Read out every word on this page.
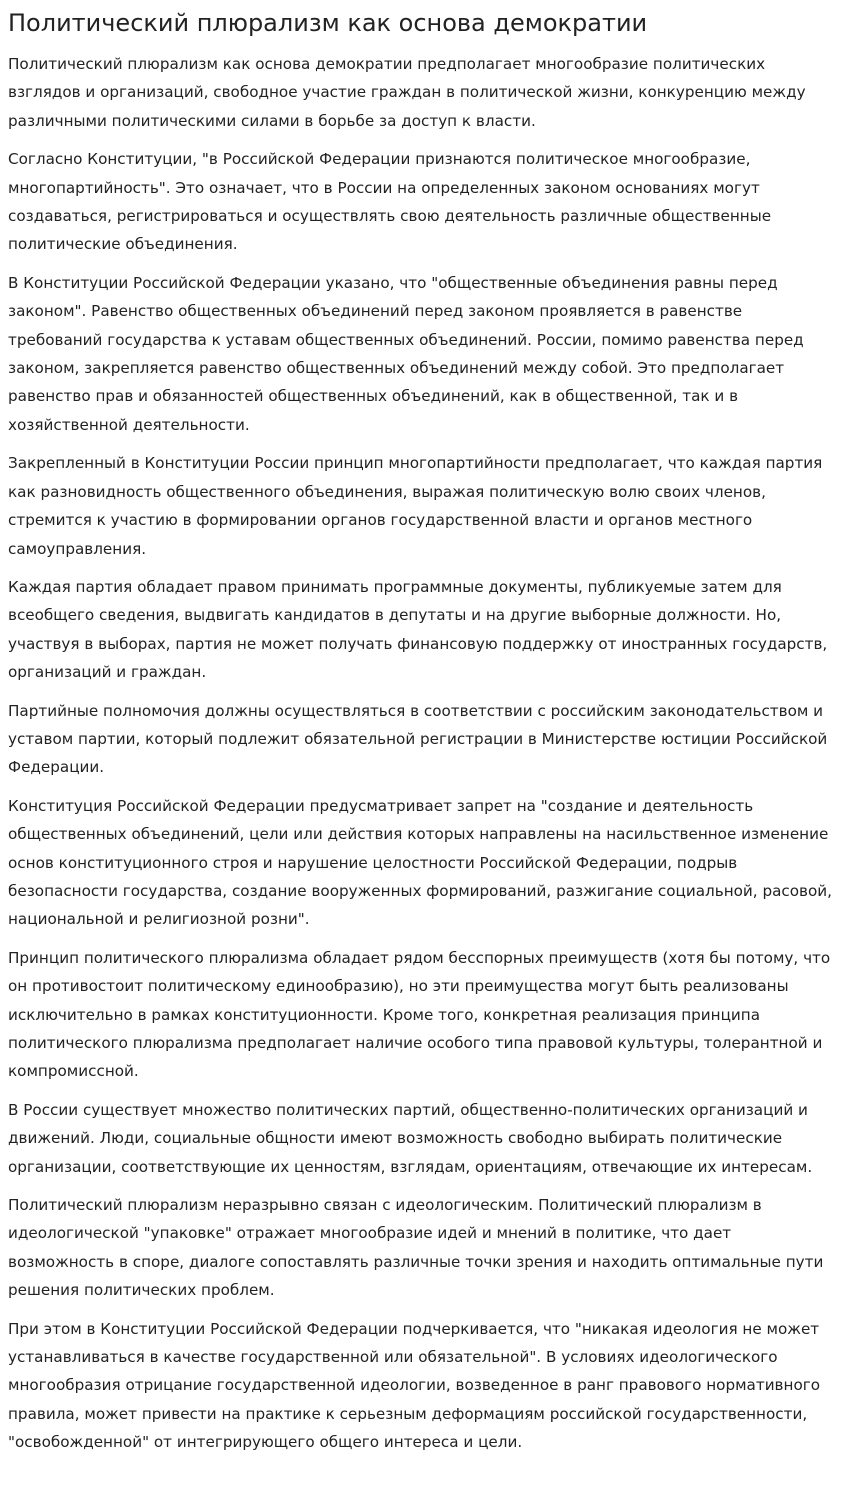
Политический плюрализм как основа демократии

Политический плюрализм как основа демократии предполагает многообразие политических взглядов и организаций, свободное участие граждан в политической жизни, конкуренцию между различными политическими силами в борьбе за доступ к власти.

Согласно Конституции, "в Российской Федерации признаются политическое многообразие, многопартийность". Это означает, что в России на определенных законом основаниях могут создаваться, регистрироваться и осуществлять свою деятельность различные общественные политические объединения.

В Конституции Российской Федерации указано, что "общественные объединения равны перед законом". Равенство общественных объединений перед законом проявляется в равенстве требований государства к уставам общественных объединений. России, помимо равенства перед законом, закрепляется равенство общественных объединений между собой. Это предполагает равенство прав и обязанностей общественных объединений, как в общественной, так и в хозяйственной деятельности.

Закрепленный в Конституции России принцип многопартийности предполагает, что каждая партия как разновидность общественного объединения, выражая политическую волю своих членов, стремится к участию в формировании органов государственной власти и органов местного самоуправления.

Каждая партия обладает правом принимать программные документы, публикуемые затем для всеобщего сведения, выдвигать кандидатов в депутаты и на другие выборные должности. Но, участвуя в выборах, партия не может получать финансовую поддержку от иностранных государств, организаций и граждан.

Партийные полномочия должны осуществляться в соответствии с российским законодательством и уставом партии, который подлежит обязательной регистрации в Министерстве юстиции Российской Федерации.

Конституция Российской Федерации предусматривает запрет на "создание и деятельность общественных объединений, цели или действия которых направлены на насильственное изменение основ конституционного строя и нарушение целостности Российской Федерации, подрыв безопасности государства, создание вооруженных формирований, разжигание социальной, расовой, национальной и религиозной розни".

Принцип политического плюрализма обладает рядом бесспорных преимуществ (хотя бы потому, что он противостоит политическому единообразию), но эти преимущества могут быть реализованы исключительно в рамках конституционности. Кроме того, конкретная реализация принципа политического плюрализма предполагает наличие особого типа правовой культуры, толерантной и компромиссной.

В России существует множество политических партий, общественно-политических организаций и движений. Люди, социальные общности имеют возможность свободно выбирать политические организации, соответствующие их ценностям, взглядам, ориентациям, отвечающие их интересам.

Политический плюрализм неразрывно связан с идеологическим. Политический плюрализм в идеологической "упаковке" отражает многообразие идей и мнений в политике, что дает возможность в споре, диалоге сопоставлять различные точки зрения и находить оптимальные пути решения политических проблем.

При этом в Конституции Российской Федерации подчеркивается, что "никакая идеология не может устанавливаться в качестве государственной или обязательной". В условиях идеологического многообразия отрицание государственной идеологии, возведенное в ранг правового нормативного правила, может привести на практике к серьезным деформациям российской государственности, "освобожденной" от интегрирующего общего интереса и цели.
